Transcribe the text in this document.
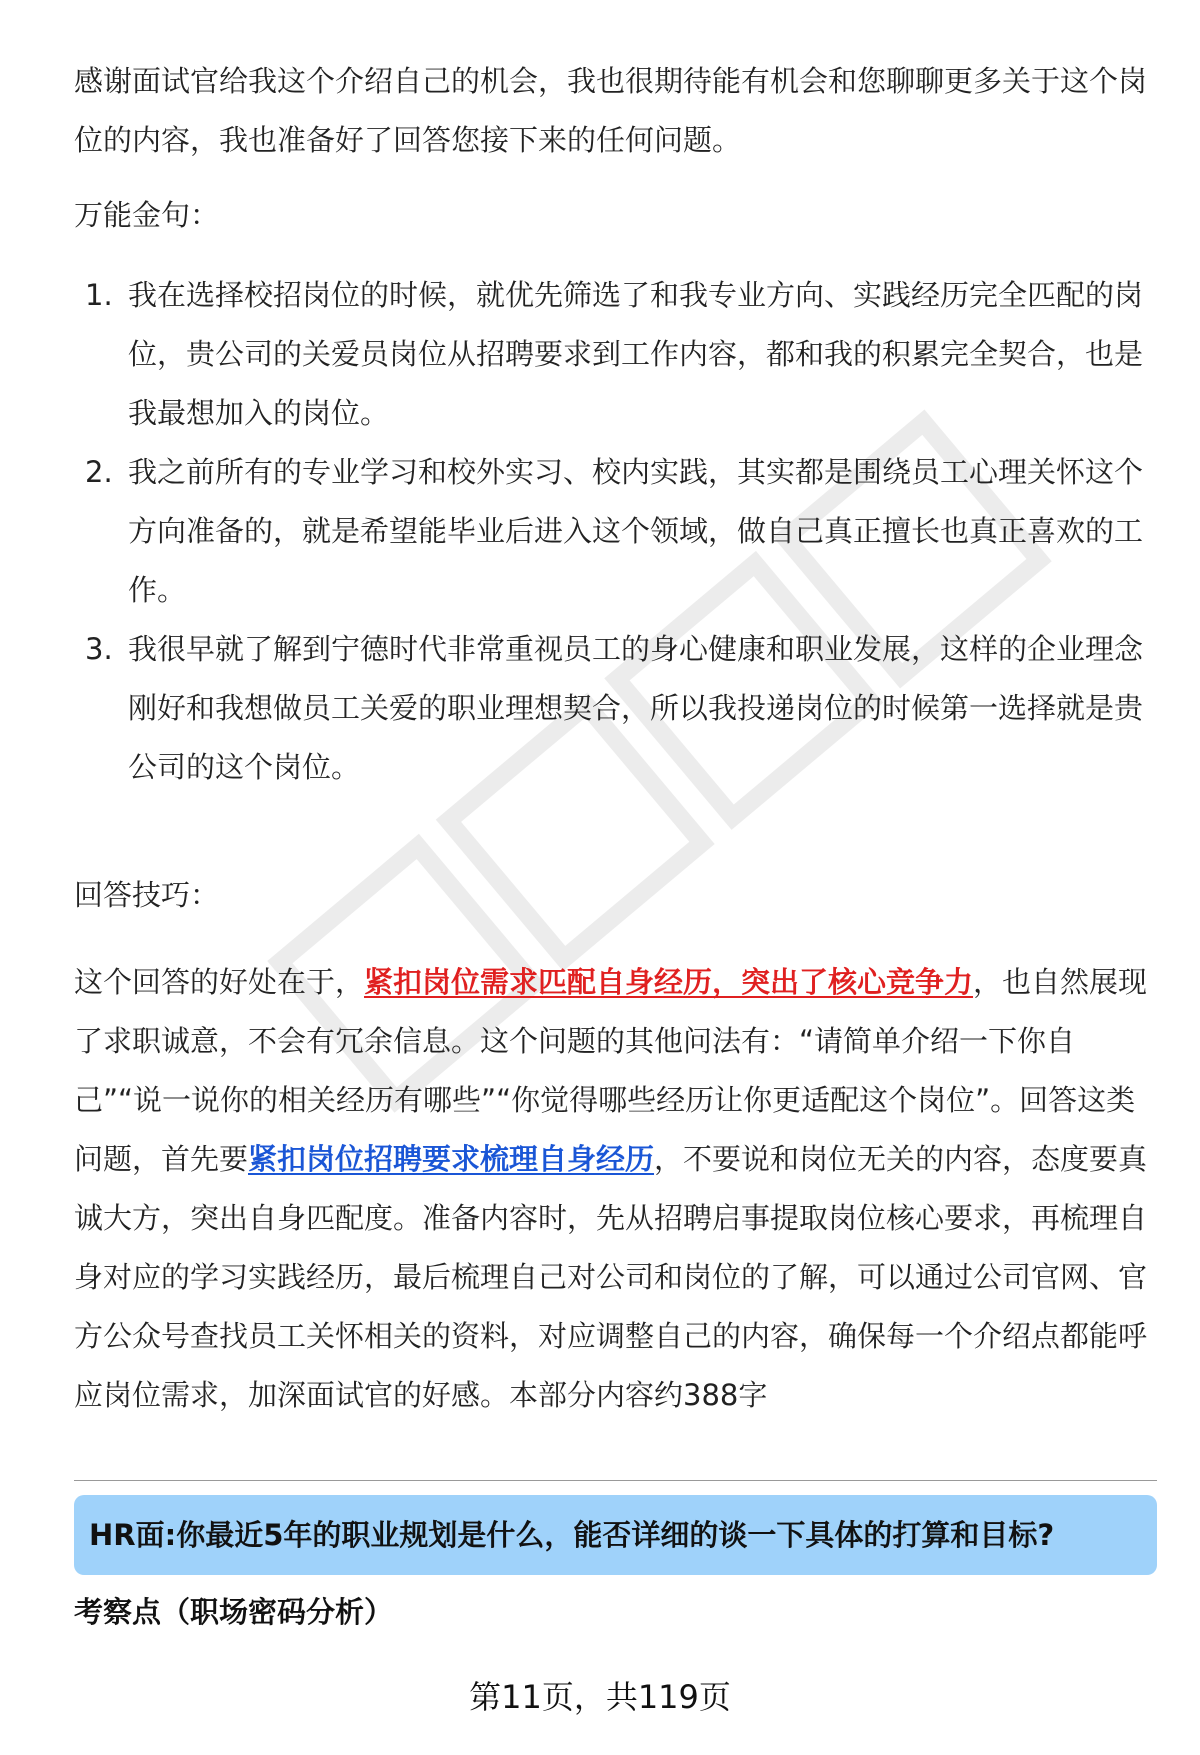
感谢面试官给我这个介绍自己的机会，我也很期待能有机会和您聊聊更多关于这个岗位的内容，我也准备好了回答您接下来的任何问题。

万能金句：

1. 我在选择校招岗位的时候，就优先筛选了和我专业方向、实践经历完全匹配的岗位，贵公司的关爱员岗位从招聘要求到工作内容，都和我的积累完全契合，也是我最想加入的岗位。
2. 我之前所有的专业学习和校外实习、校内实践，其实都是围绕员工心理关怀这个方向准备的，就是希望能毕业后进入这个领域，做自己真正擅长也真正喜欢的工作。
3. 我很早就了解到宁德时代非常重视员工的身心健康和职业发展，这样的企业理念刚好和我想做员工关爱的职业理想契合，所以我投递岗位的时候第一选择就是贵公司的这个岗位。

回答技巧：

这个回答的好处在于，紧扣岗位需求匹配自身经历，突出了核心竞争力，也自然展现了求职诚意，不会有冗余信息。这个问题的其他问法有：“请简单介绍一下你自己”“说一说你的相关经历有哪些”“你觉得哪些经历让你更适配这个岗位”。回答这类问题，首先要紧扣岗位招聘要求梳理自身经历，不要说和岗位无关的内容，态度要真诚大方，突出自身匹配度。准备内容时，先从招聘启事提取岗位核心要求，再梳理自身对应的学习实践经历，最后梳理自己对公司和岗位的了解，可以通过公司官网、官方公众号查找员工关怀相关的资料，对应调整自己的内容，确保每一个介绍点都能呼应岗位需求，加深面试官的好感。本部分内容约388字

HR面:你最近5年的职业规划是什么，能否详细的谈一下具体的打算和目标?
考察点（职场密码分析）
第11页，共119页
